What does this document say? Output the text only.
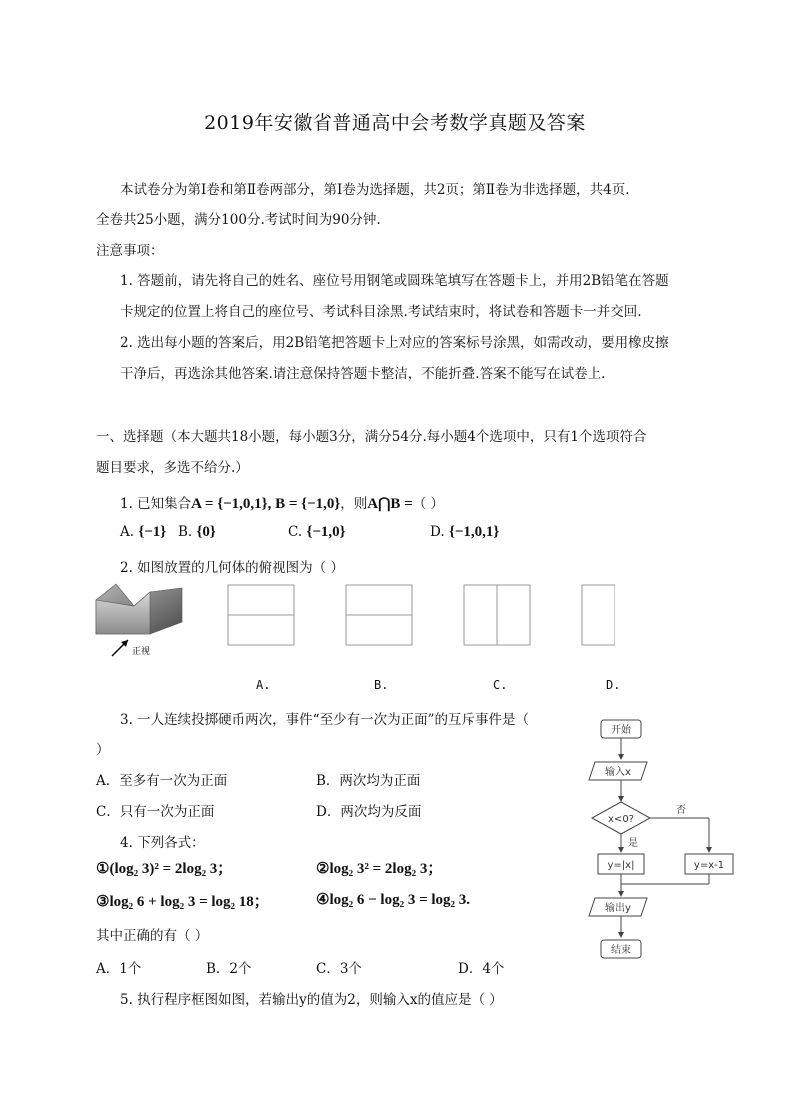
2019年安徽省普通高中会考数学真题及答案
本试卷分为第Ⅰ卷和第Ⅱ卷两部分，第Ⅰ卷为选择题，共2页；第Ⅱ卷为非选择题，共4页.
全卷共25小题，满分100分.考试时间为90分钟.
注意事项：
1. 答题前，请先将自己的姓名、座位号用钢笔或圆珠笔填写在答题卡上，并用2B铅笔在答题
卡规定的位置上将自己的座位号、考试科目涂黑.考试结束时，将试卷和答题卡一并交回.
2. 选出每小题的答案后，用2B铅笔把答题卡上对应的答案标号涂黑，如需改动，要用橡皮擦
干净后，再选涂其他答案.请注意保持答题卡整洁，不能折叠.答案不能写在试卷上.
一、选择题（本大题共18小题，每小题3分，满分54分.每小题4个选项中，只有1个选项符合
题目要求，多选不给分.）
1. 已知集合A = {−1,0,1}, B = {−1,0}，则A⋂B =（ ）
A. {−1} B. {0}	C. {−1,0}	D. {−1,0,1}
2. 如图放置的几何体的俯视图为（ ）
正视
A.	B.	C.	D.
3. 一人连续投掷硬币两次，事件“至少有一次为正面”的互斥事件是（
）
A．至多有一次为正面	B．两次均为正面
C．只有一次为正面	D．两次均为反面
4. 下列各式：
①(log₂ 3)² = 2log₂ 3；	②log₂ 3² = 2log₂ 3；
③log₂ 6 + log₂ 3 = log₂ 18；	④log₂ 6 − log₂ 3 = log₂ 3.
其中正确的有（ ）
A．1个	B．2个	C．3个	D．4个
5. 执行程序框图如图，若输出y的值为2，则输入x的值应是（ ）
开始
输入x
x<0?
是
否
y=|x|	y=x-1
输出y
结束
